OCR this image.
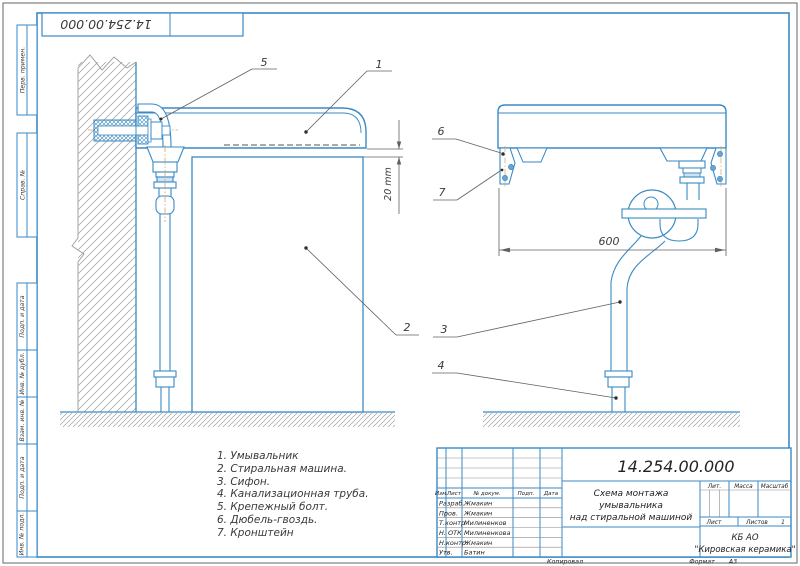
14.254.00.000
Перв. примен.
Справ. №
Подп. и дата
Инв. № дубл.
Взам. инв. №
Подп. и дата
Инв. № подл.
20 mm
600
5	1
2	3
4
6
7
1. Умывальник
2. Стиральная машина.
3. Сифон.
4. Канализационная труба.
5. Крепежный болт.
6. Дюбель-гвоздь.
7. Кронштейн
14.254.00.000
Схема монтажа
умывальника
над стиральной машиной
Изм. Лист № докум.	Подп. Дата
Разраб. Жмакин
Пров. Жмакин
Т.контр.
Милиненков
Н. ОТК Милиненкова
Н.контр.
Жмакин
Утв. Батин
Лит. Масса Масштаб
Лист	Листов 1
КБ АО
"Кировская керамика"
Копировал	Формат А3
